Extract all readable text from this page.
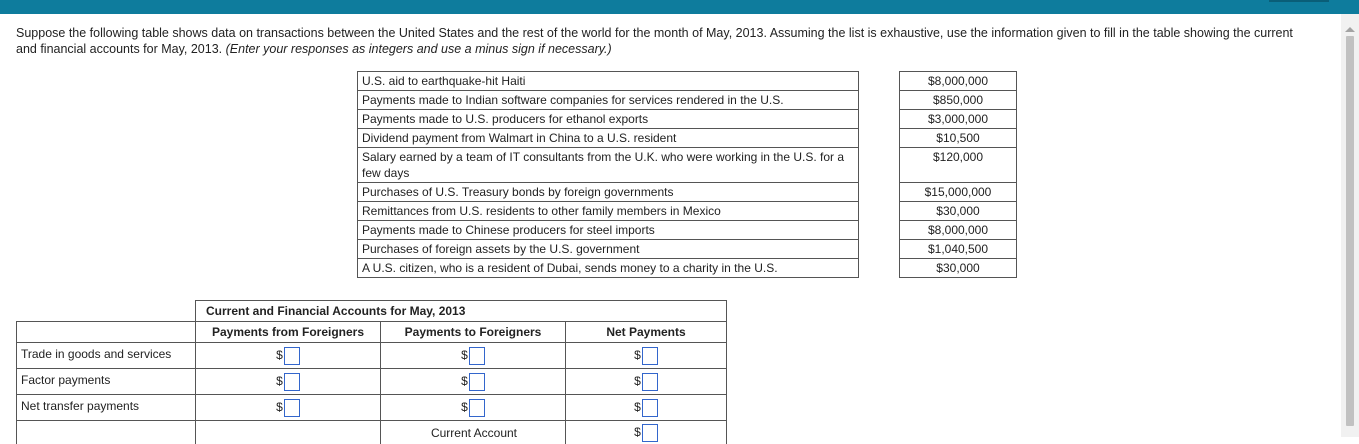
Suppose the following table shows data on transactions between the United States and the rest of the world for the month of May, 2013. Assuming the list is exhaustive, use the information given to fill in the table showing the current and financial accounts for May, 2013. (Enter your responses as integers and use a minus sign if necessary.)
U.S. aid to earthquake-hit Haiti		$8,000,000
Payments made to Indian software companies for services rendered in the U.S.		$850,000
Payments made to U.S. producers for ethanol exports		$3,000,000
Dividend payment from Walmart in China to a U.S. resident		$10,500
Salary earned by a team of IT consultants from the U.K. who were working in the U.S. for a few days		$120,000
Purchases of U.S. Treasury bonds by foreign governments		$15,000,000
Remittances from U.S. residents to other family members in Mexico		$30,000
Payments made to Chinese producers for steel imports		$8,000,000
Purchases of foreign assets by the U.S. government		$1,040,500
A U.S. citizen, who is a resident of Dubai, sends money to a charity in the U.S.		$30,000
	Current and Financial Accounts for May, 2013		
	Payments from Foreigners	Payments to Foreigners	Net Payments
Trade in goods and services	$	$	$

Factor payments	$	$	$

Net transfer payments	$	$	$

		Current Account	$
